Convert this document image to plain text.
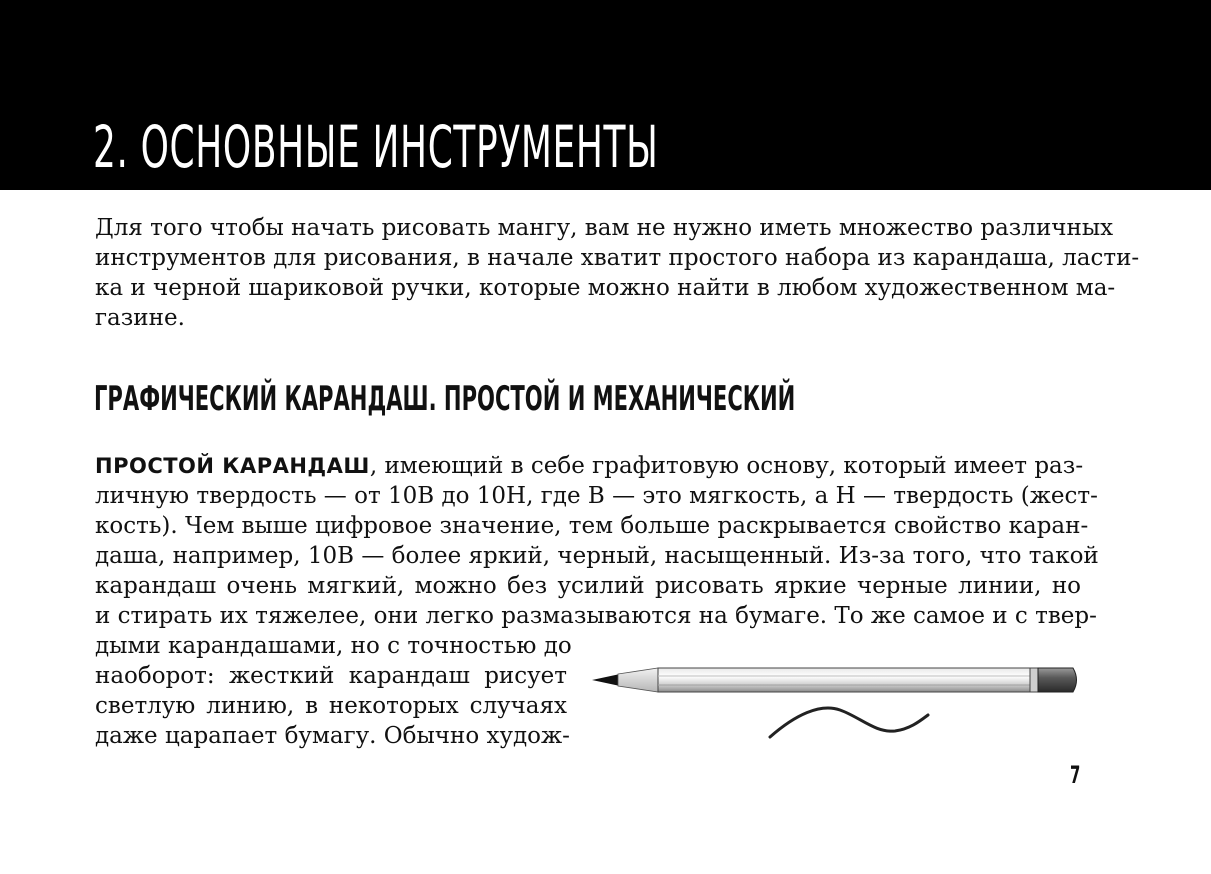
2. ОСНОВНЫЕ ИНСТРУМЕНТЫ
Для того чтобы начать рисовать мангу, вам не нужно иметь множество различных
инструментов для рисования, в начале хватит простого набора из карандаша, ласти-
ка и черной шариковой ручки, которые можно найти в любом художественном ма-
газине.
ГРАФИЧЕСКИЙ КАРАНДАШ. ПРОСТОЙ И МЕХАНИЧЕСКИЙ
ПРОСТОЙ КАРАНДАШ, имеющий в себе графитовую основу, который имеет раз-
личную твердость — от 10В до 10Н, где В — это мягкость, а Н — твердость (жест-
кость). Чем выше цифровое значение, тем больше раскрывается свойство каран-
даша, например, 10В — более яркий, черный, насыщенный. Из-за того, что такой
карандаш очень мягкий, можно без усилий рисовать яркие черные линии, но
и стирать их тяжелее, они легко размазываются на бумаге. То же самое и с твер-
дыми карандашами, но с точностью до
наоборот: жесткий карандаш рисует
светлую линию, в некоторых случаях
даже царапает бумагу. Обычно худож-

7
